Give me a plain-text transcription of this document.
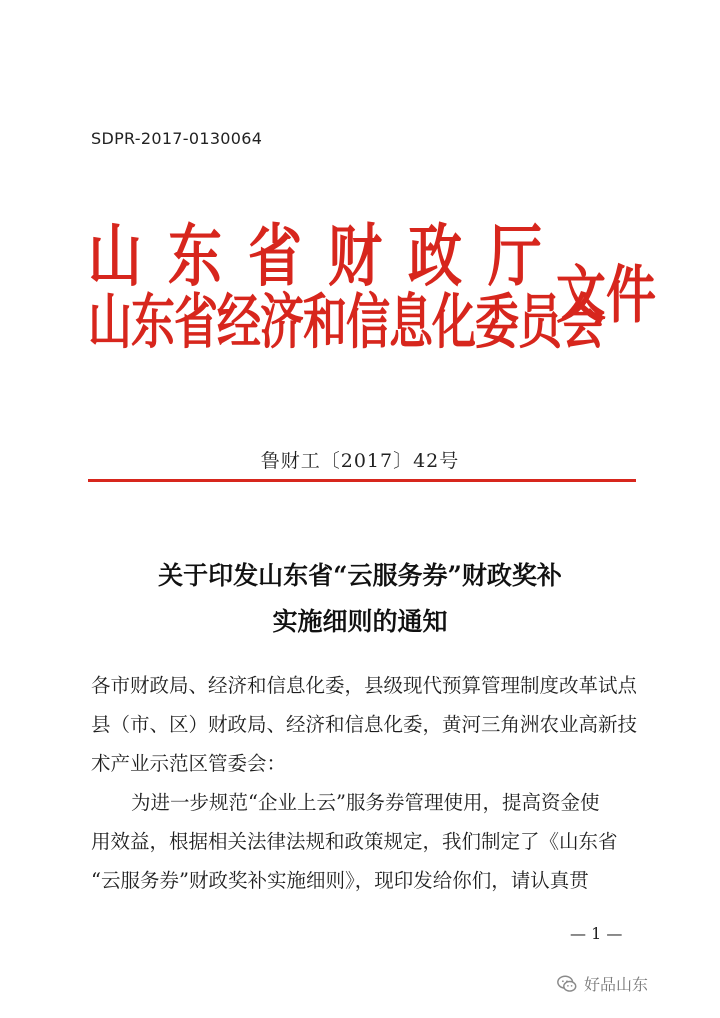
SDPR-2017-0130064
山东省财政厅
山东省经济和信息化委员会
文件
鲁财工〔2017〕42号
关于印发山东省“云服务券”财政奖补
实施细则的通知

各市财政局、经济和信息化委，县级现代预算管理制度改革试点

县（市、区）财政局、经济和信息化委，黄河三角洲农业高新技

术产业示范区管委会：

为进一步规范“企业上云”服务券管理使用，提高资金使

用效益，根据相关法律法规和政策规定，我们制定了《山东省

“云服务券”财政奖补实施细则》，现印发给你们，请认真贯

— 1 —
好品山东
